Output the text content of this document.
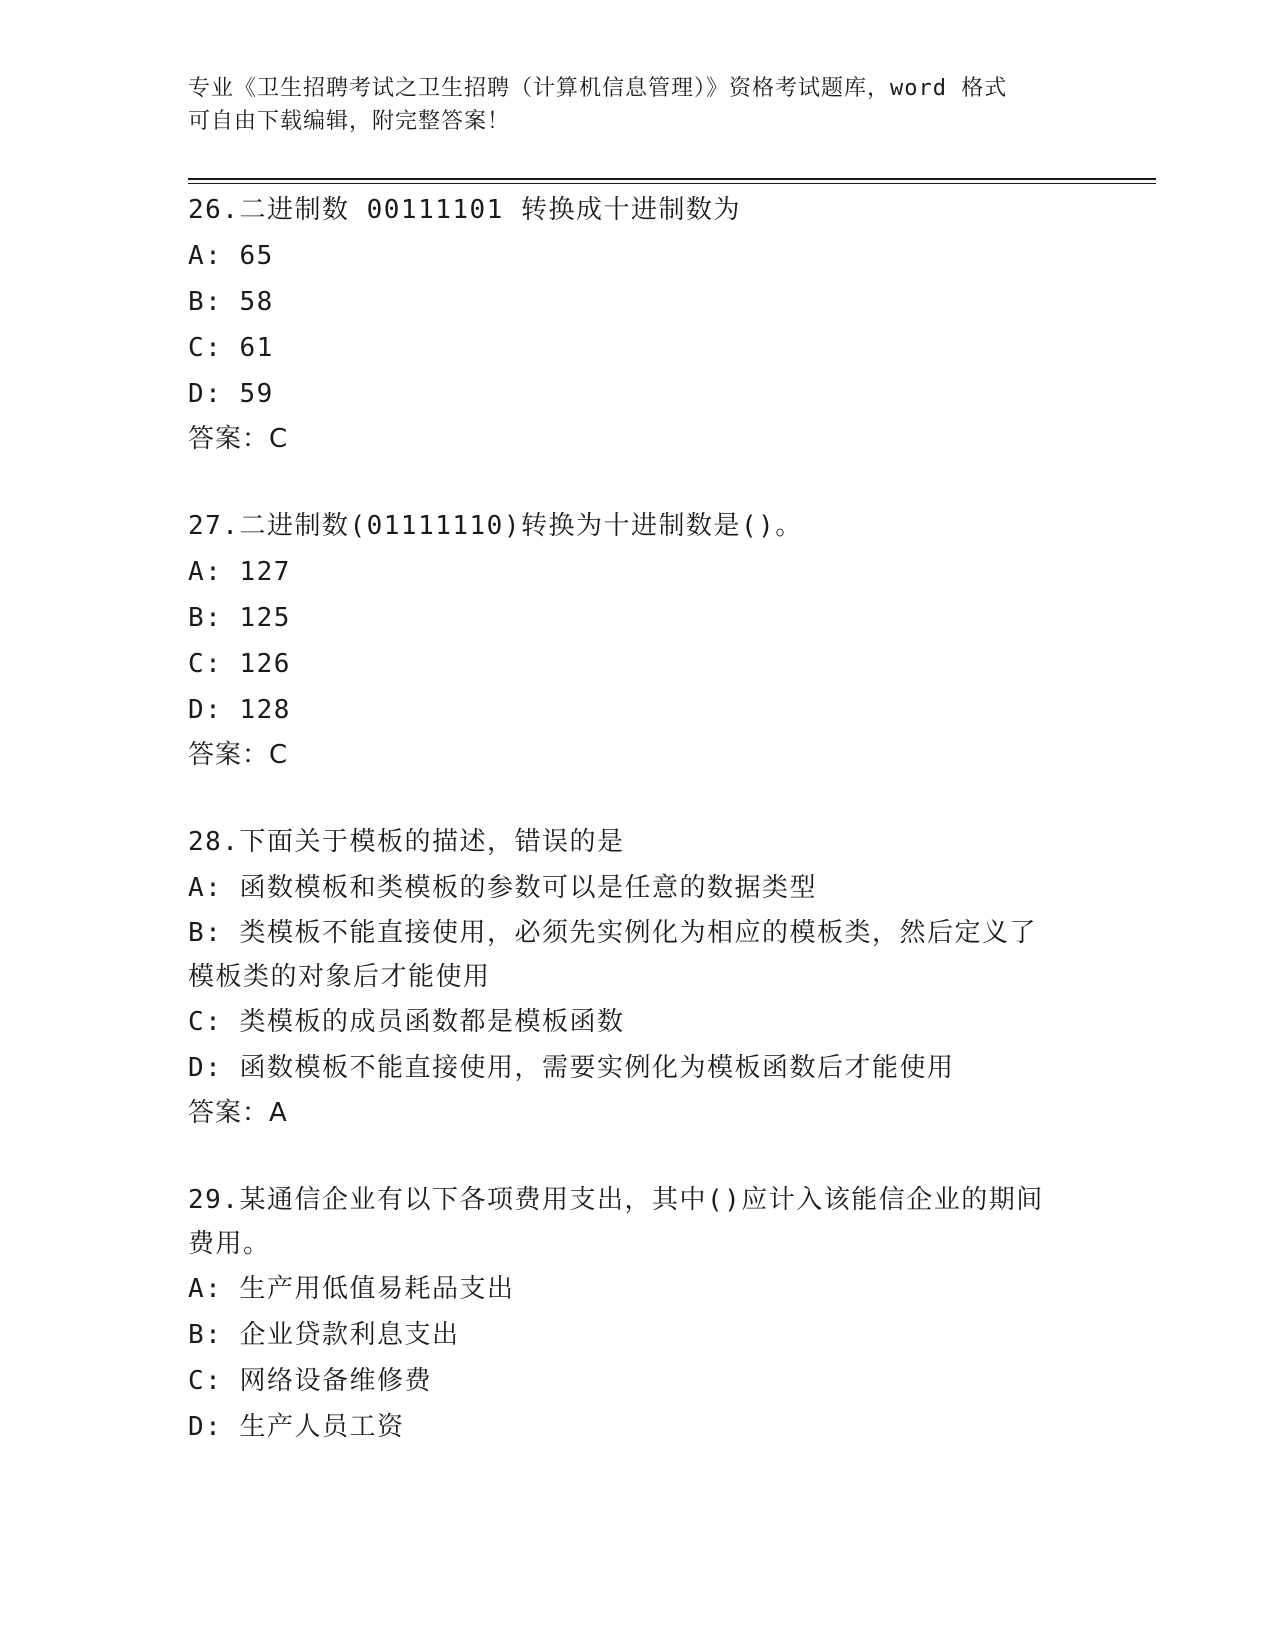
专业《卫生招聘考试之卫生招聘（计算机信息管理）》资格考试题库，word 格式
可自由下载编辑，附完整答案！
26.二进制数 00111101 转换成十进制数为
A: 65
B: 58
C: 61
D: 59
答案：C
27.二进制数(01111110)转换为十进制数是()。
A: 127
B: 125
C: 126
D: 128
答案：C
28.下面关于模板的描述，错误的是
A: 函数模板和类模板的参数可以是任意的数据类型
B: 类模板不能直接使用，必须先实例化为相应的模板类，然后定义了模板类的对象后才能使用
C: 类模板的成员函数都是模板函数
D: 函数模板不能直接使用，需要实例化为模板函数后才能使用
答案：A
29.某通信企业有以下各项费用支出，其中()应计入该能信企业的期间费用。
A: 生产用低值易耗品支出
B: 企业贷款利息支出
C: 网络设备维修费
D: 生产人员工资
